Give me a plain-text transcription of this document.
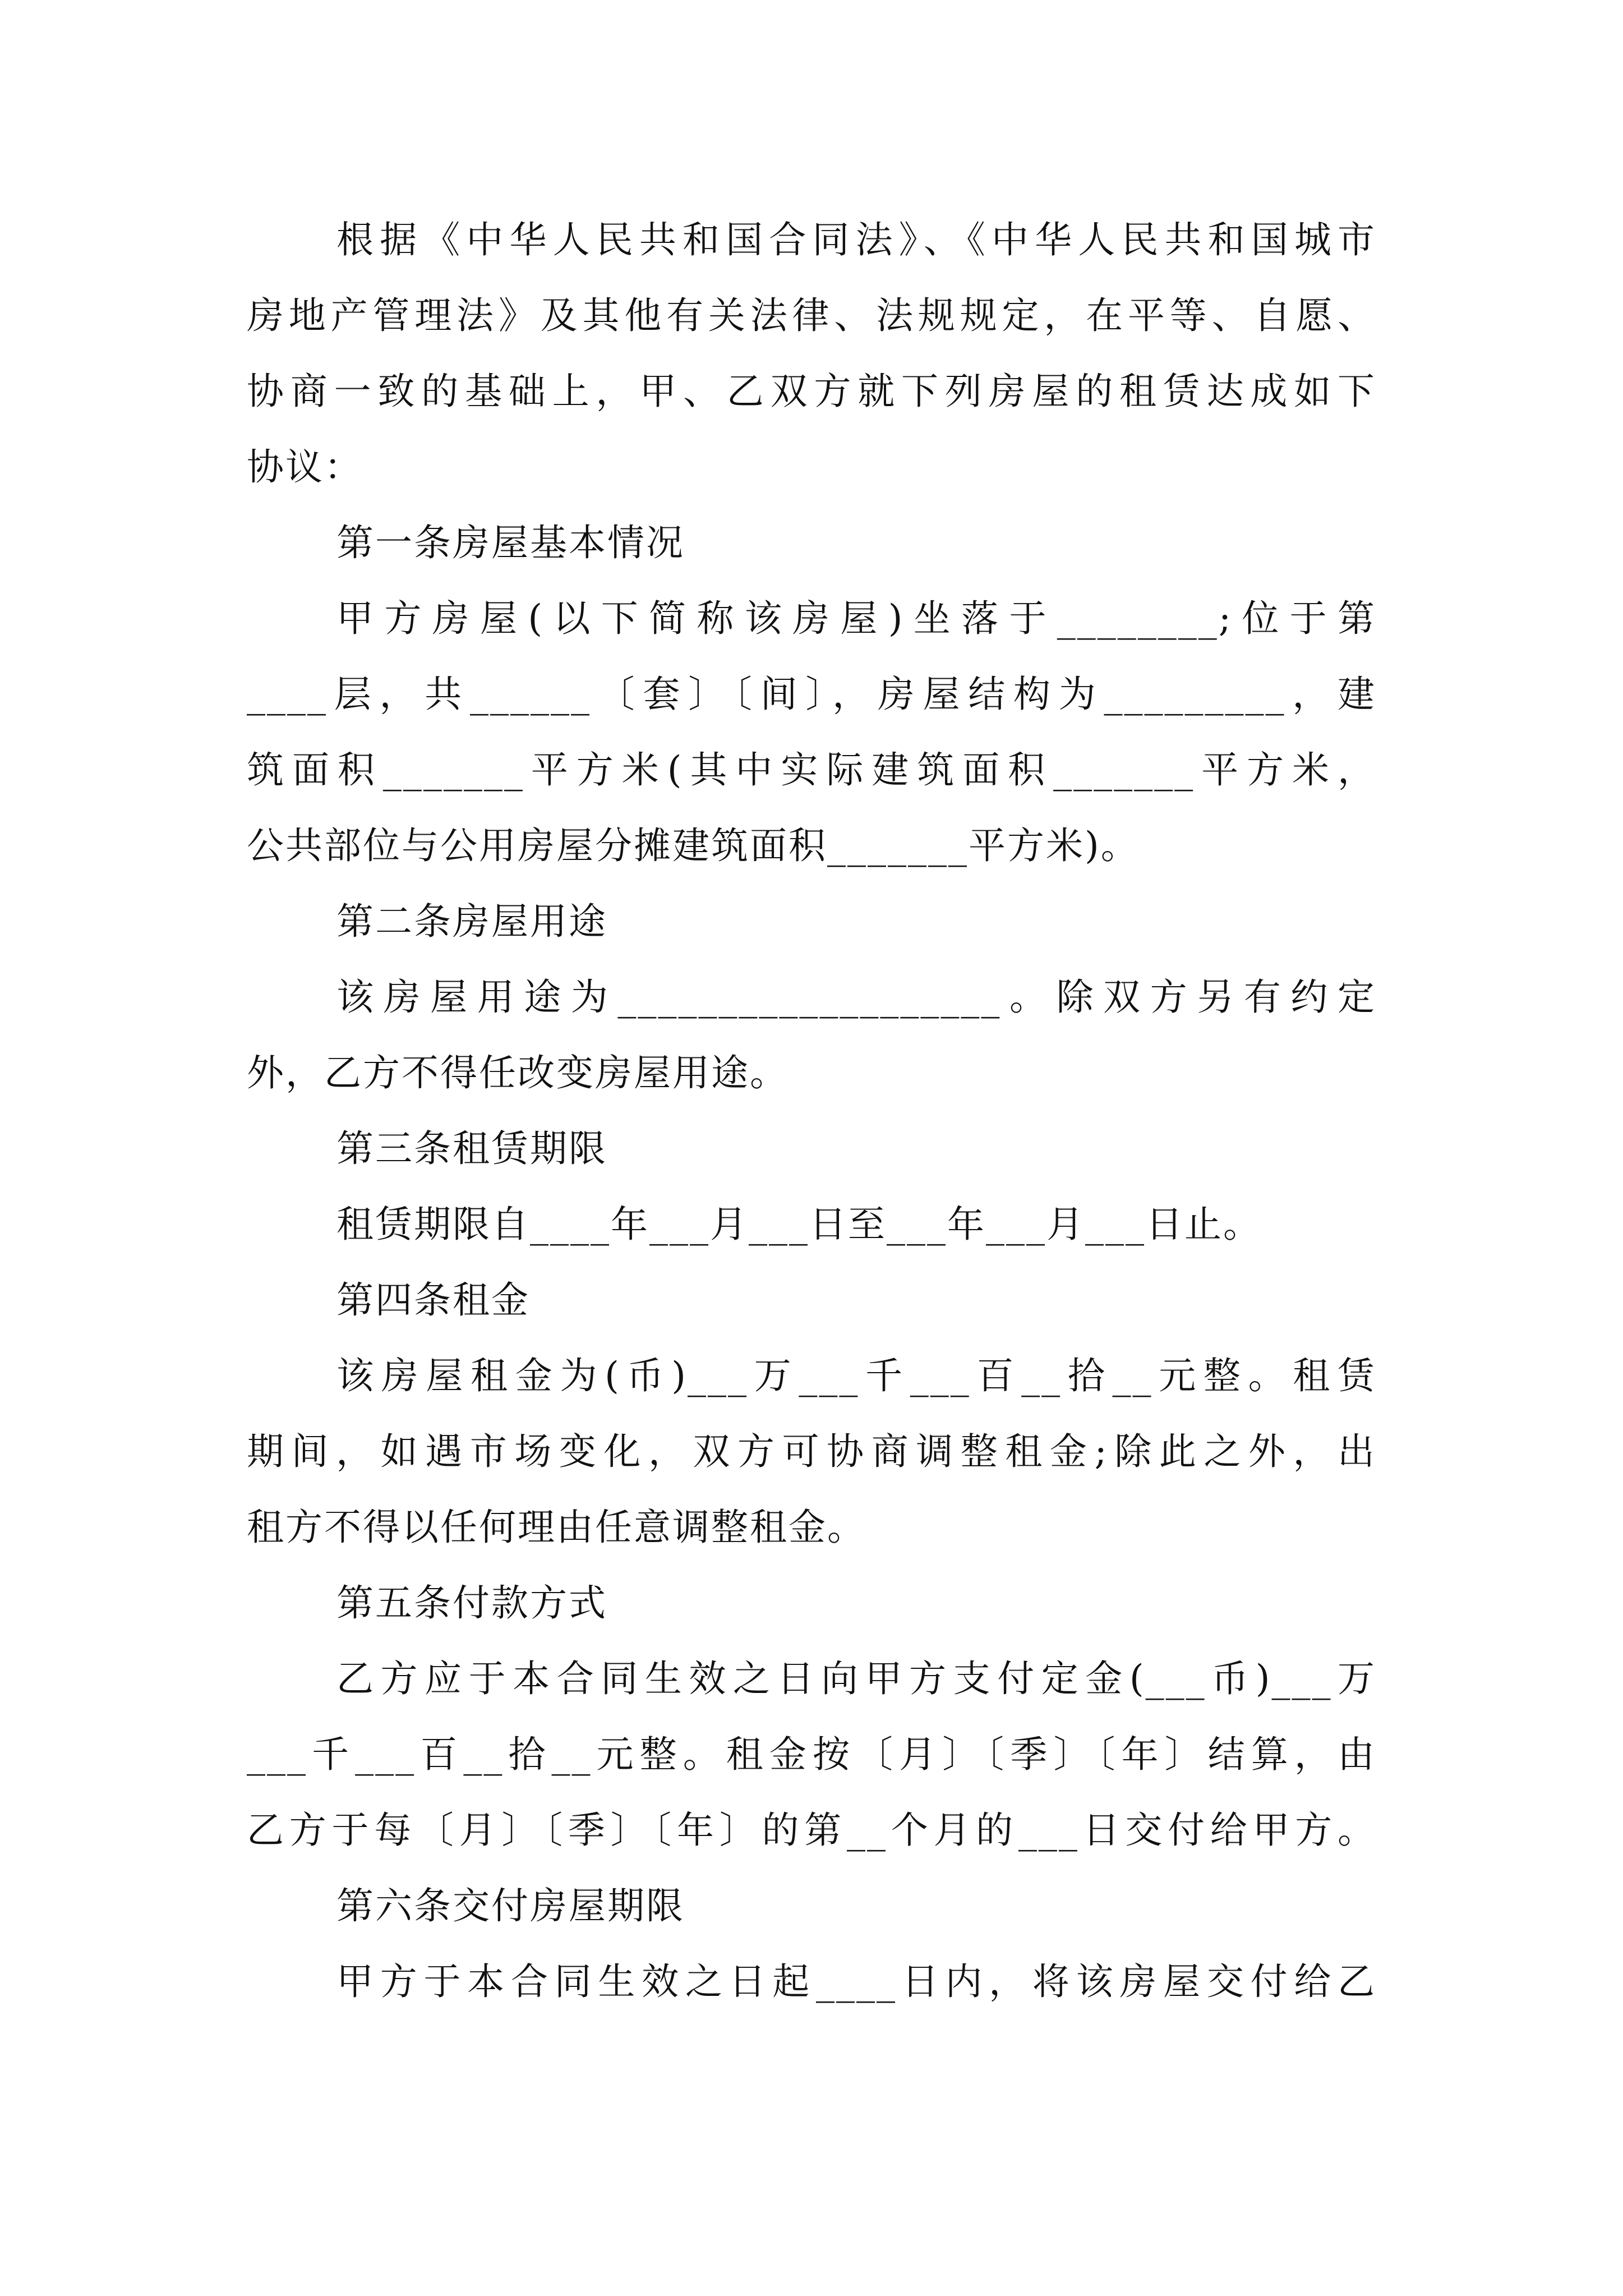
根据《中华人民共和国合同法》、《中华人民共和国城市
房地产管理法》及其他有关法律、法规规定，在平等、自愿、
协商一致的基础上，甲、乙双方就下列房屋的租赁达成如下
协议：
第一条房屋基本情况
甲方房屋(以下简称该房屋)坐落于________;位于第
____层，共______〔套〕〔间〕，房屋结构为_________，建
筑面积_______平方米(其中实际建筑面积_______平方米，
公共部位与公用房屋分摊建筑面积_______平方米)。
第二条房屋用途
该房屋用途为___________________。除双方另有约定
外，乙方不得任改变房屋用途。
第三条租赁期限
租赁期限自____年___月___日至___年___月___日止。
第四条租金
该房屋租金为(币)___万___千___百__拾__元整。租赁
期间，如遇市场变化，双方可协商调整租金;除此之外，出
租方不得以任何理由任意调整租金。
第五条付款方式
乙方应于本合同生效之日向甲方支付定金(___币)___万
___千___百__拾__元整。租金按〔月〕〔季〕〔年〕结算，由
乙方于每〔月〕〔季〕〔年〕的第__个月的___日交付给甲方。
第六条交付房屋期限
甲方于本合同生效之日起____日内，将该房屋交付给乙
